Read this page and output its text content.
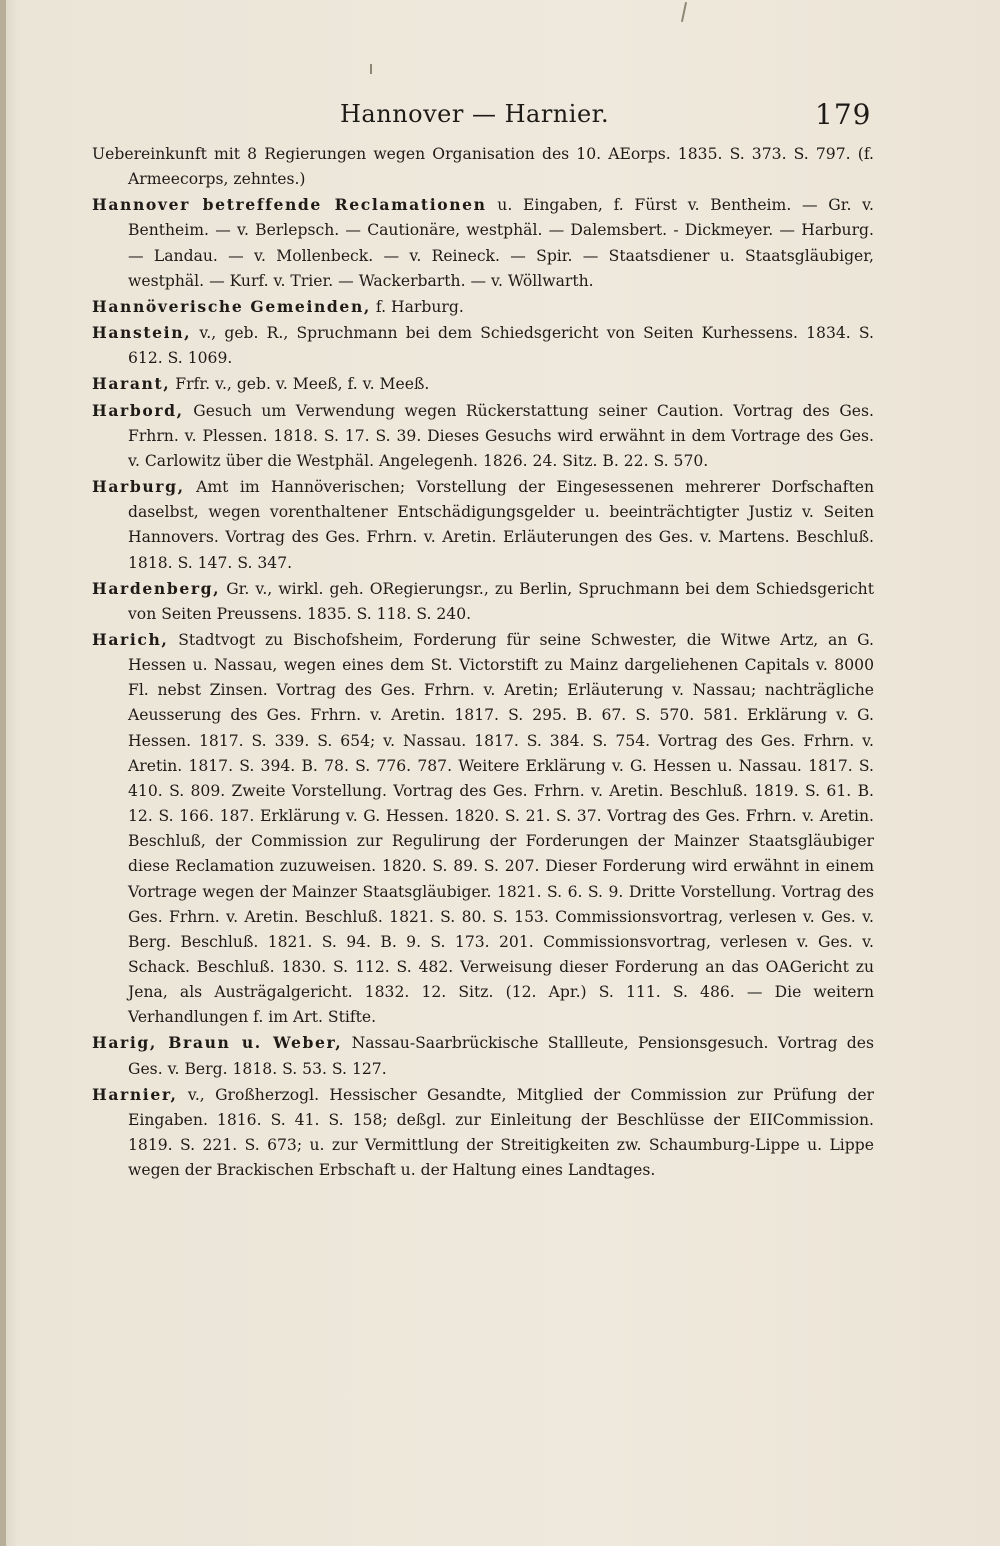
Hannover — Harnier.	179

Uebereinkunft mit 8 Regierungen wegen Organisation des 10. AEorps. 1835. S. 373. S. 797. (f. Armeecorps, zehntes.)

Hannover betreffende Reclamationen u. Eingaben, f. Fürst v. Bentheim. — Gr. v. Bentheim. — v. Berlepsch. — Cautionäre, westphäl. — Dalemsbert. - Dickmeyer. — Harburg. — Landau. — v. Mollenbeck. — v. Reineck. — Spir. — Staatsdiener u. Staatsgläubiger, westphäl. — Kurf. v. Trier. — Wackerbarth. — v. Wöllwarth.

Hannöverische Gemeinden, f. Harburg.

Hanstein, v., geb. R., Spruchmann bei dem Schiedsgericht von Seiten Kurhessens. 1834. S. 612. S. 1069.

Harant, Frfr. v., geb. v. Meeß, f. v. Meeß.

Harbord, Gesuch um Verwendung wegen Rückerstattung seiner Caution. Vortrag des Ges. Frhrn. v. Plessen. 1818. S. 17. S. 39. Dieses Gesuchs wird erwähnt in dem Vortrage des Ges. v. Carlowitz über die Westphäl. Angelegenh. 1826. 24. Sitz. B. 22. S. 570.

Harburg, Amt im Hannöverischen; Vorstellung der Eingesessenen mehrerer Dorfschaften daselbst, wegen vorenthaltener Entschädigungsgelder u. beeinträchtigter Justiz v. Seiten Hannovers. Vortrag des Ges. Frhrn. v. Aretin. Erläuterungen des Ges. v. Martens. Beschluß. 1818. S. 147. S. 347.

Hardenberg, Gr. v., wirkl. geh. ORegierungsr., zu Berlin, Spruchmann bei dem Schiedsgericht von Seiten Preussens. 1835. S. 118. S. 240.

Harich, Stadtvogt zu Bischofsheim, Forderung für seine Schwester, die Witwe Artz, an G. Hessen u. Nassau, wegen eines dem St. Victorstift zu Mainz dargeliehenen Capitals v. 8000 Fl. nebst Zinsen. Vortrag des Ges. Frhrn. v. Aretin; Erläuterung v. Nassau; nachträgliche Aeusserung des Ges. Frhrn. v. Aretin. 1817. S. 295. B. 67. S. 570. 581. Erklärung v. G. Hessen. 1817. S. 339. S. 654; v. Nassau. 1817. S. 384. S. 754. Vortrag des Ges. Frhrn. v. Aretin. 1817. S. 394. B. 78. S. 776. 787. Weitere Erklärung v. G. Hessen u. Nassau. 1817. S. 410. S. 809. Zweite Vorstellung. Vortrag des Ges. Frhrn. v. Aretin. Beschluß. 1819. S. 61. B. 12. S. 166. 187. Erklärung v. G. Hessen. 1820. S. 21. S. 37. Vortrag des Ges. Frhrn. v. Aretin. Beschluß, der Commission zur Regulirung der Forderungen der Mainzer Staatsgläubiger diese Reclamation zuzuweisen. 1820. S. 89. S. 207. Dieser Forderung wird erwähnt in einem Vortrage wegen der Mainzer Staatsgläubiger. 1821. S. 6. S. 9. Dritte Vorstellung. Vortrag des Ges. Frhrn. v. Aretin. Beschluß. 1821. S. 80. S. 153. Commissionsvortrag, verlesen v. Ges. v. Berg. Beschluß. 1821. S. 94. B. 9. S. 173. 201. Commissionsvortrag, verlesen v. Ges. v. Schack. Beschluß. 1830. S. 112. S. 482. Verweisung dieser Forderung an das OAGericht zu Jena, als Austrägalgericht. 1832. 12. Sitz. (12. Apr.) S. 111. S. 486. — Die weitern Verhandlungen f. im Art. Stifte.

Harig, Braun u. Weber, Nassau-Saarbrückische Stallleute, Pensionsgesuch. Vortrag des Ges. v. Berg. 1818. S. 53. S. 127.

Harnier, v., Großherzogl. Hessischer Gesandte, Mitglied der Commission zur Prüfung der Eingaben. 1816. S. 41. S. 158; deßgl. zur Einleitung der Beschlüsse der EIICommission. 1819. S. 221. S. 673; u. zur Vermittlung der Streitigkeiten zw. Schaumburg-Lippe u. Lippe wegen der Brackischen Erbschaft u. der Haltung eines Landtages.
